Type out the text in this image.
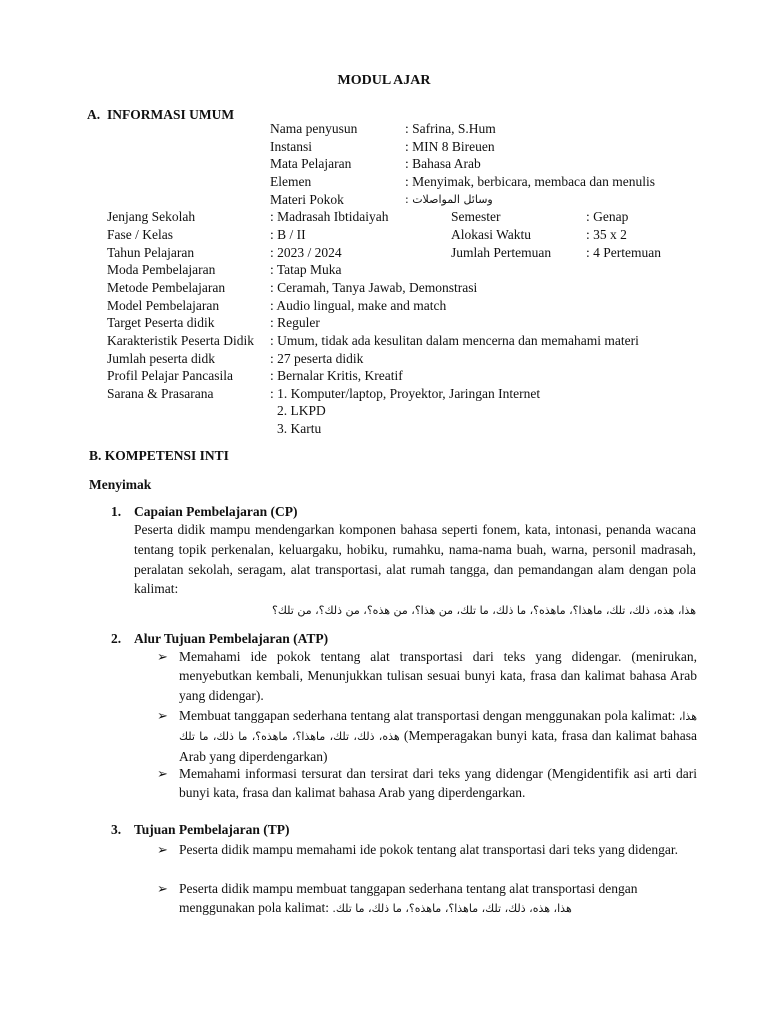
MODUL AJAR
A. INFORMASI UMUM
Nama penyusun	: Safrina, S.Hum
Instansi	: MIN 8 Bireuen
Mata Pelajaran	: Bahasa Arab
Elemen	: Menyimak, berbicara, membaca dan menulis
Materi Pokok	وسائل المواصلات :
Jenjang Sekolah	: Madrasah Ibtidaiyah	Semester	: Genap
Fase / Kelas	: B / II	Alokasi Waktu	: 35 x 2
Tahun Pelajaran	: 2023 / 2024	Jumlah Pertemuan	: 4 Pertemuan
Moda Pembelajaran	: Tatap Muka
Metode Pembelajaran	: Ceramah, Tanya Jawab, Demonstrasi
Model Pembelajaran	: Audio lingual, make and match
Target Peserta didik	: Reguler
Karakteristik Peserta Didik : Umum, tidak ada kesulitan dalam mencerna dan memahami materi
Jumlah peserta didk	: 27 peserta didik
Profil Pelajar Pancasila	: Bernalar Kritis, Kreatif
Sarana & Prasarana	: 1. Komputer/laptop, Proyektor, Jaringan Internet
2. LKPD
3. Kartu
B. KOMPETENSI INTI
Menyimak
1. Capaian Pembelajaran (CP)
Peserta didik mampu mendengarkan komponen bahasa seperti fonem, kata, intonasi, penanda wacana tentang topik perkenalan, keluargaku, hobiku, rumahku, nama-nama buah, warna, personil madrasah, peralatan sekolah, seragam, alat transportasi, alat rumah tangga, dan pemandangan alam dengan pola kalimat:
هذا، هذه، ذلك، تلك، ماهذا؟، ماهذه؟، ما ذلك، ما تلك، من هذا؟، من هذه؟، من ذلك؟، من تلك؟
2. Alur Tujuan Pembelajaran (ATP)
➢ Memahami ide pokok tentang alat transportasi dari teks yang didengar. (menirukan, menyebutkan kembali, Menunjukkan tulisan sesuai bunyi kata, frasa dan kalimat bahasa Arab yang didengar).
➢ Membuat tanggapan sederhana tentang alat transportasi dengan menggunakan pola kalimat: هذا، هذه، ذلك، تلك، ماهذا؟، ماهذه؟، ما ذلك، ما تلك (Memperagakan bunyi kata, frasa dan kalimat bahasa Arab yang diperdengarkan)
➢ Memahami informasi tersurat dan tersirat dari teks yang didengar (Mengidentifik asi arti dari bunyi kata, frasa dan kalimat bahasa Arab yang diperdengarkan.
3. Tujuan Pembelajaran (TP)
➢ Peserta didik mampu memahami ide pokok tentang alat transportasi dari teks yang didengar.
➢ Peserta didik mampu membuat tanggapan sederhana tentang alat transportasi dengan menggunakan pola kalimat: هذا، هذه، ذلك، تلك، ماهذا؟، ماهذه؟، ما ذلك، ما تلك.
